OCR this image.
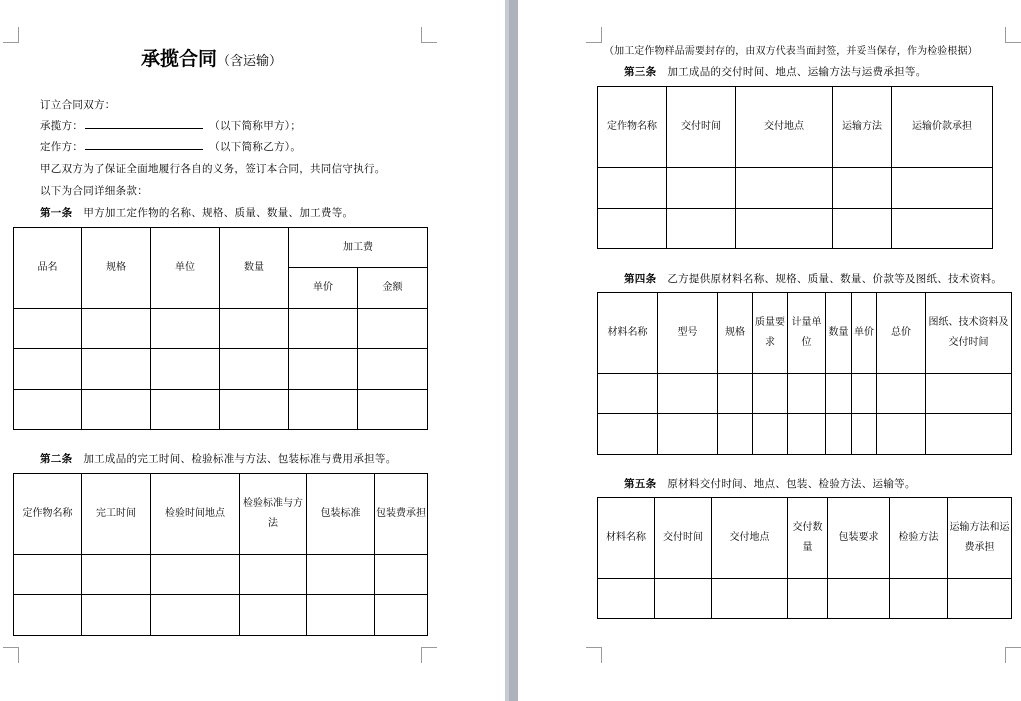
承揽合同（含运输）
订立合同双方：
承揽方：	（以下简称甲方）；
定作方：	（以下简称乙方）。
甲乙双方为了保证全面地履行各自的义务，签订本合同，共同信守执行。
以下为合同详细条款：
第一条 甲方加工定作物的名称、规格、质量、数量、加工费等。
品名	规格	单位	数量	加工费	
				单价	金额

第二条 加工成品的完工时间、检验标准与方法、包装标准与费用承担等。
定作物名称	完工时间	检验时间地点	检验标准与方法	包装标准	包装费承担

（加工定作物样品需要封存的，由双方代表当面封签，并妥当保存，作为检验根据）
第三条 加工成品的交付时间、地点、运输方法与运费承担等。
定作物名称	交付时间	交付地点	运输方法	运输价款承担

第四条 乙方提供原材料名称、规格、质量、数量、价款等及图纸、技术资料。
材料名称	型号	规格	质量要求	计量单位	数量	单价	总价	图纸、技术资料及交付时间

第五条 原材料交付时间、地点、包装、检验方法、运输等。
材料名称	交付时间	交付地点	交付数量	包装要求	检验方法	运输方法和运费承担
